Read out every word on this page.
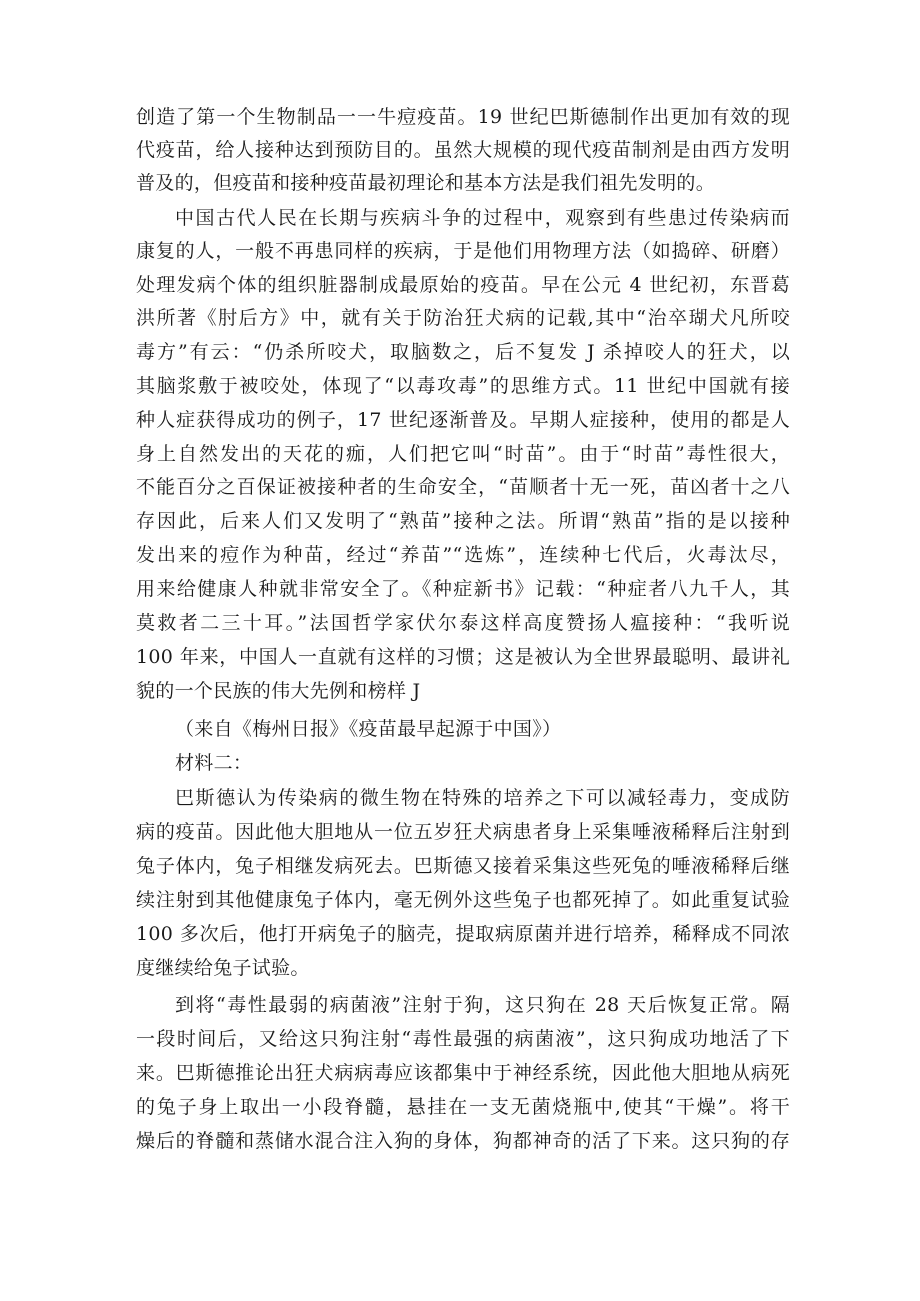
创造了第一个生物制品一一牛痘疫苗。19 世纪巴斯德制作出更加有效的现
代疫苗，给人接种达到预防目的。虽然大规模的现代疫苗制剂是由西方发明
普及的，但疫苗和接种疫苗最初理论和基本方法是我们祖先发明的。
中国古代人民在长期与疾病斗争的过程中，观察到有些患过传染病而
康复的人，一般不再患同样的疾病，于是他们用物理方法（如捣碎、研磨）
处理发病个体的组织脏器制成最原始的疫苗。早在公元 4 世纪初，东晋葛
洪所著《肘后方》中，就有关于防治狂犬病的记载,其中“治卒瑚犬凡所咬
毒方”有云：“仍杀所咬犬，取脑数之，后不复发 J 杀掉咬人的狂犬，以
其脑浆敷于被咬处，体现了“以毒攻毒”的思维方式。11 世纪中国就有接
种人症获得成功的例子，17 世纪逐渐普及。早期人症接种，使用的都是人
身上自然发出的天花的痂，人们把它叫“时苗”。由于“时苗”毒性很大，
不能百分之百保证被接种者的生命安全，“苗顺者十无一死，苗凶者十之八
存因此，后来人们又发明了“熟苗”接种之法。所谓“熟苗”指的是以接种
发出来的痘作为种苗，经过“养苗”“选炼”，连续种七代后，火毒汰尽，
用来给健康人种就非常安全了。《种症新书》记载：“种症者八九千人，其
莫救者二三十耳。”法国哲学家伏尔泰这样高度赞扬人瘟接种：“我听说
100 年来，中国人一直就有这样的习惯；这是被认为全世界最聪明、最讲礼
貌的一个民族的伟大先例和榜样 J
（来自《梅州日报》《疫苗最早起源于中国》）
材料二：
巴斯德认为传染病的微生物在特殊的培养之下可以减轻毒力，变成防
病的疫苗。因此他大胆地从一位五岁狂犬病患者身上采集唾液稀释后注射到
兔子体内，兔子相继发病死去。巴斯德又接着采集这些死兔的唾液稀释后继
续注射到其他健康兔子体内，毫无例外这些兔子也都死掉了。如此重复试验
100 多次后，他打开病兔子的脑壳，提取病原菌并进行培养，稀释成不同浓
度继续给兔子试验。
到将“毒性最弱的病菌液”注射于狗，这只狗在 28 天后恢复正常。隔
一段时间后，又给这只狗注射“毒性最强的病菌液”，这只狗成功地活了下
来。巴斯德推论出狂犬病病毒应该都集中于神经系统，因此他大胆地从病死
的兔子身上取出一小段脊髓，悬挂在一支无菌烧瓶中,使其“干燥”。将干
燥后的脊髓和蒸储水混合注入狗的身体，狗都神奇的活了下来。这只狗的存
